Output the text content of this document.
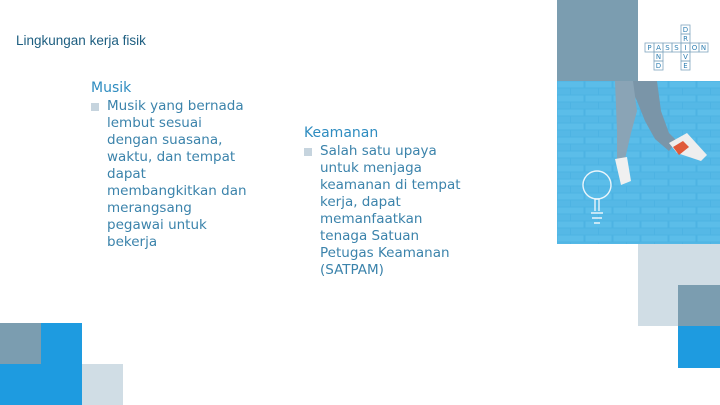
Lingkungan kerja fisik
Musik
Musik yang bernada lembut sesuai dengan suasana, waktu, dan tempat dapat membangkitkan dan merangsang pegawai untuk bekerja
Keamanan
Salah satu upaya untuk menjaga keamanan di tempat kerja, dapat memanfaatkan tenaga Satuan Petugas Keamanan (SATPAM)
D
R
V
E
P A S S I O N
N
D
